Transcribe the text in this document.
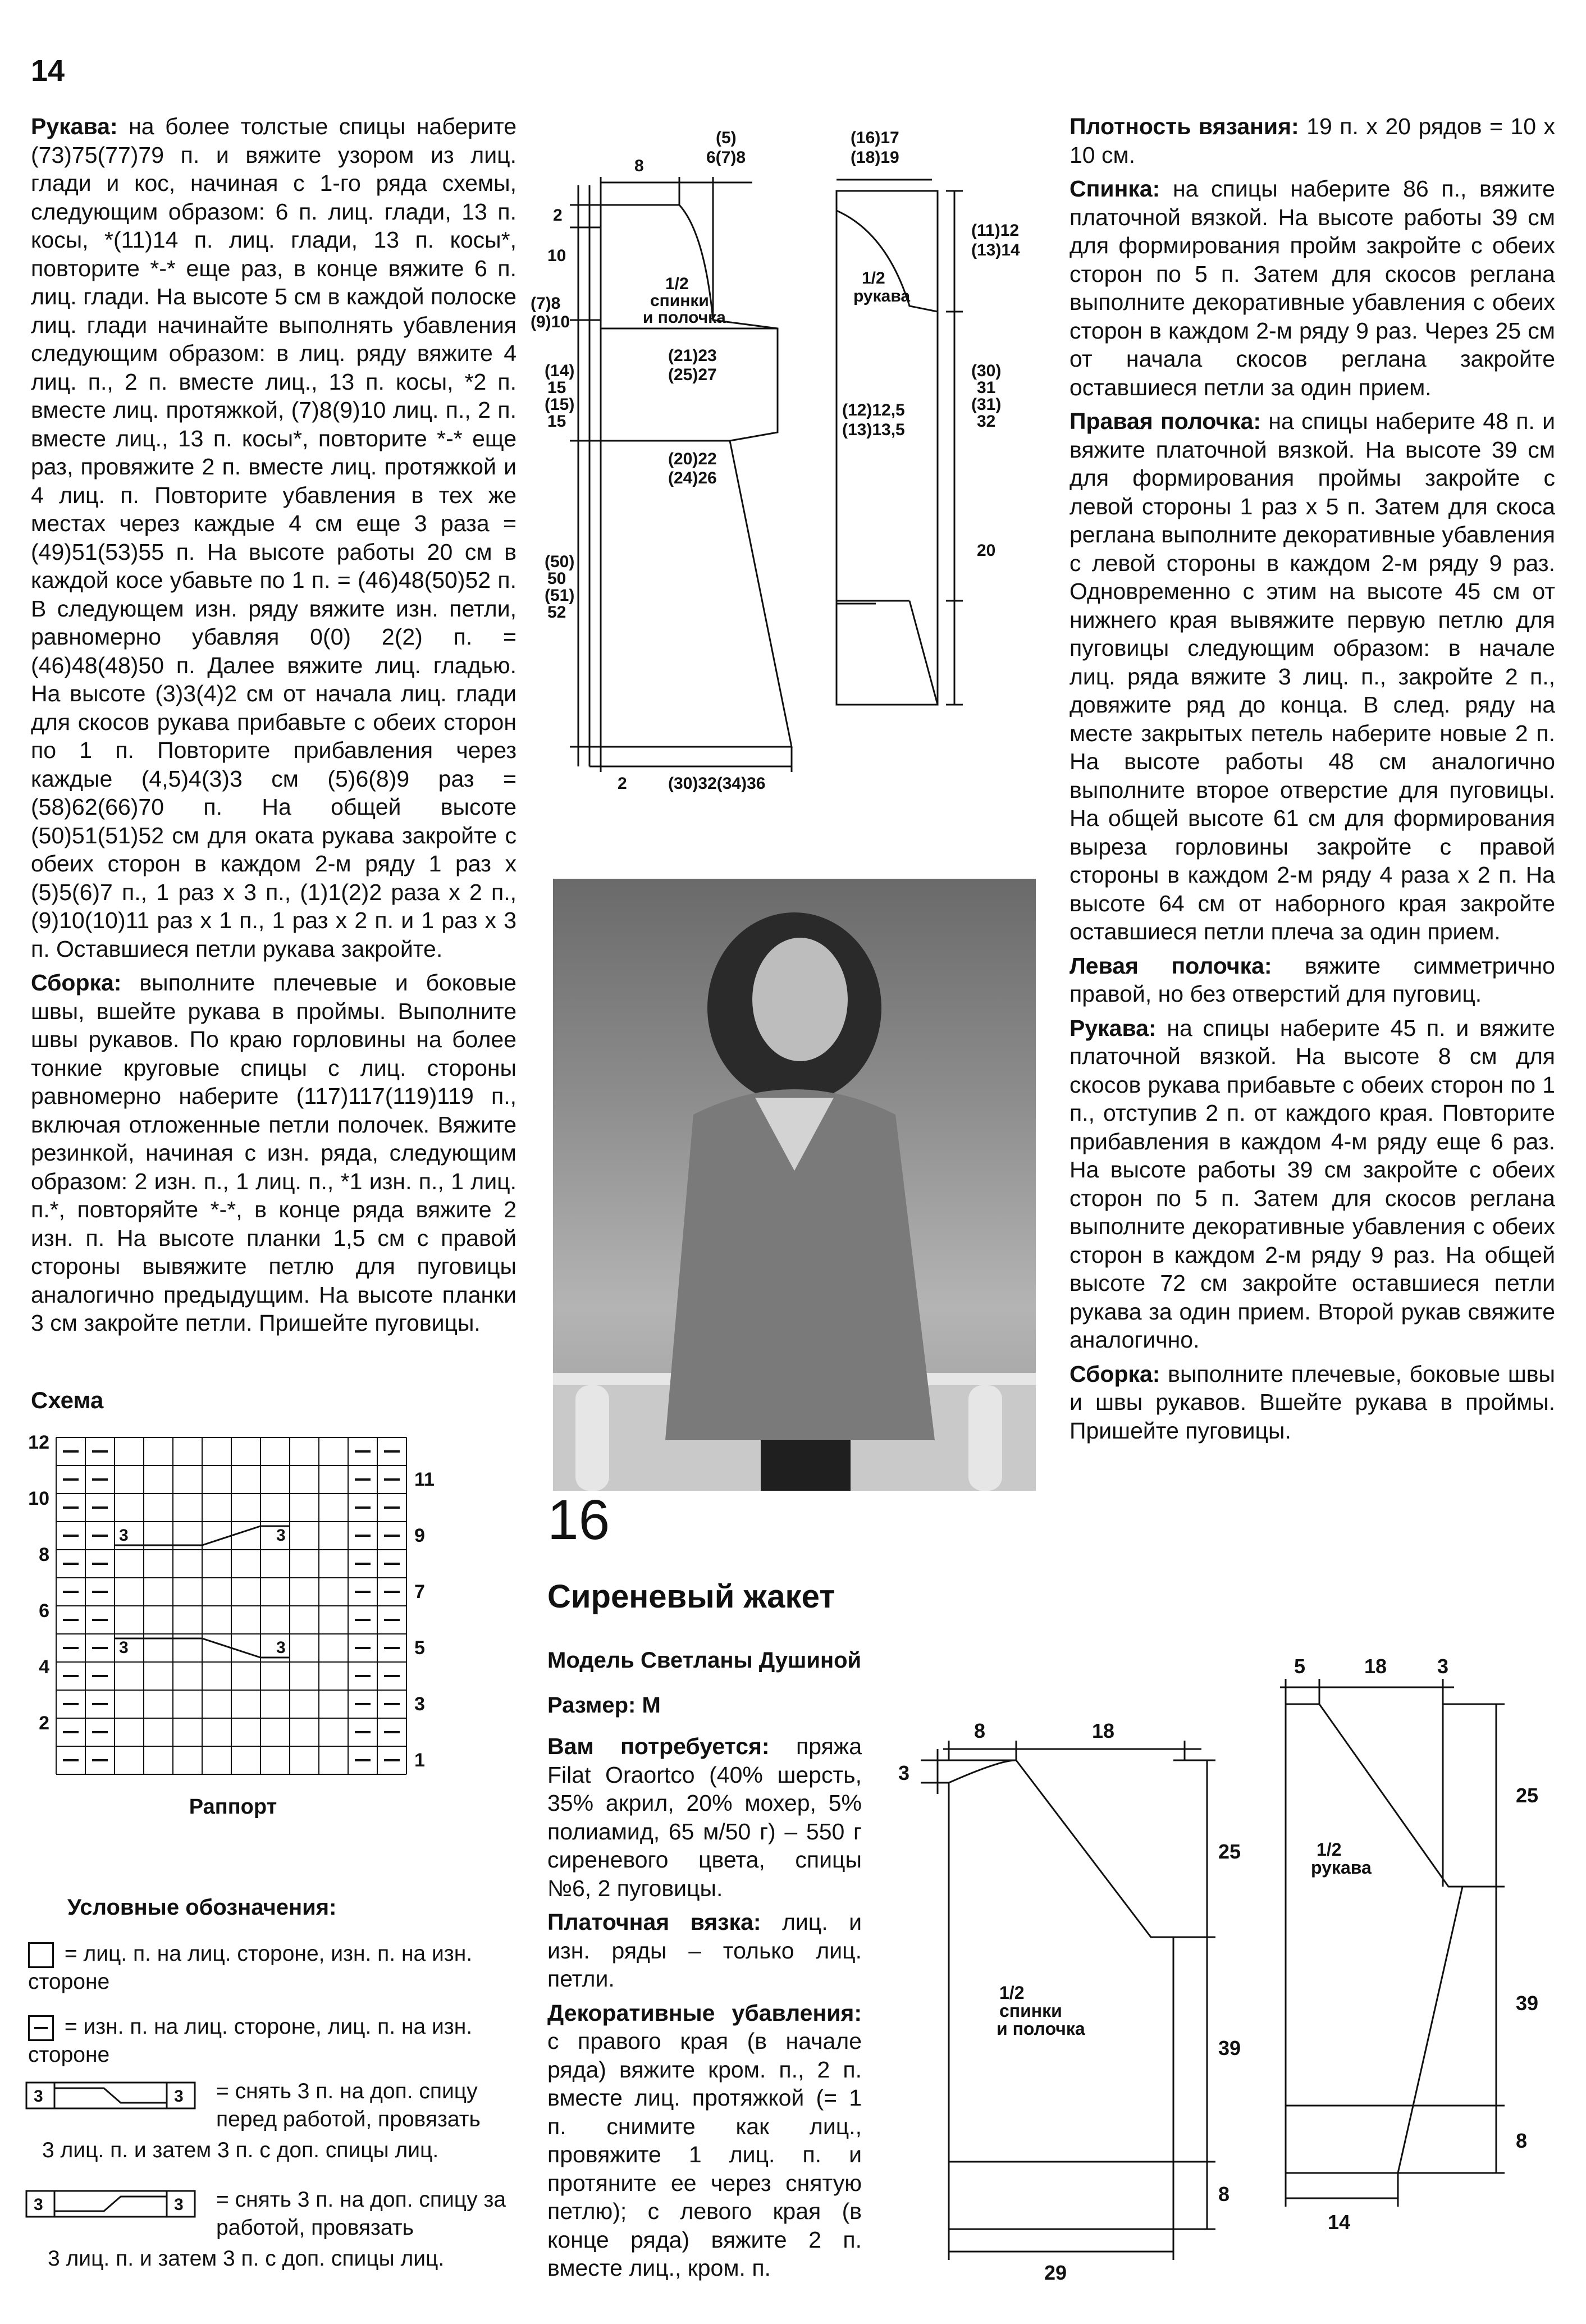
14

Рукава: на более толстые спицы наберите (73)75(77)79 п. и вяжите узором из лиц. глади и кос, начиная с 1-го ряда схемы, следующим образом: 6 п. лиц. глади, 13 п. косы, *(11)14 п. лиц. глади, 13 п. косы*, повторите *-* еще раз, в конце вяжите 6 п. лиц. глади. На высоте 5 см в каждой полоске лиц. глади начинайте выполнять убавления следующим образом: в лиц. ряду вяжите 4 лиц. п., 2 п. вместе лиц., 13 п. косы, *2 п. вместе лиц. протяжкой, (7)8(9)10 лиц. п., 2 п. вместе лиц., 13 п. косы*, повторите *-* еще раз, провяжите 2 п. вместе лиц. протяжкой и 4 лиц. п. Повторите убавления в тех же местах через каждые 4 см еще 3 раза = (49)51(53)55 п. На высоте работы 20 см в каждой косе убавьте по 1 п. = (46)48(50)52 п. В следующем изн. ряду вяжите изн. петли, равномерно убавляя 0(0) 2(2) п. = (46)48(48)50 п. Далее вяжите лиц. гладью. На высоте (3)3(4)2 см от начала лиц. глади для скосов рукава прибавьте с обеих сторон по 1 п. Повторите прибавления через каждые (4,5)4(3)3 см (5)6(8)9 раз = (58)62(66)70 п. На общей высоте (50)51(51)52 см для оката рукава закройте с обеих сторон в каждом 2-м ряду 1 раз х (5)5(6)7 п., 1 раз х 3 п., (1)1(2)2 раза х 2 п., (9)10(10)11 раз х 1 п., 1 раз х 2 п. и 1 раз х 3 п. Оставшиеся петли рукава закройте.

Сборка: выполните плечевые и боковые швы, вшейте рукава в проймы. Выполните швы рукавов. По краю горловины на более тонкие круговые спицы с лиц. стороны равномерно наберите (117)117(119)119 п., включая отложенные петли полочек. Вяжите резинкой, начиная с изн. ряда, следующим образом: 2 изн. п., 1 лиц. п., *1 изн. п., 1 лиц. п.*, повторяйте *-*, в конце ряда вяжите 2 изн. п. На высоте планки 1,5 см с правой стороны вывяжите петлю для пуговицы аналогично предыдущим. На высоте планки 3 см закройте петли. Пришейте пуговицы.

Схема
3	3
3	3
12
10
8
6
4
2
11
9
7
5
3
1
Раппорт
Условные обозначения:
= лиц. п. на лиц. стороне, изн. п. на изн. стороне
= изн. п. на лиц. стороне, лиц. п. на изн. стороне
3	3 = снять 3 п. на доп. спицу перед работой, провязать
3 лиц. п. и затем 3 п. с доп. спицы лиц.
3	3 = снять 3 п. на доп. спицу за работой, провязать
3 лиц. п. и затем 3 п. с доп. спицы лиц.
8
(5)
6(7)8
2
10
(7)8
(9)10
(14)
15
(15)
15
(50)
50
(51)
52
1/2
спинки
и полочка
(21)23
(25)27
(20)22
(24)26
2 (30)32(34)36
(16)17
(18)19
1/2
рукава
(11)12
(13)14
(30)
31
(31)
32
20
(12)12,5
(13)13,5
16
Сиреневый жакет
Модель Светланы Душиной
Размер: M

Вам потребуется: пряжа Filat Oraortco (40% шерсть, 35% акрил, 20% мохер, 5% полиамид, 65 м/50 г) – 550 г сиреневого цвета, спицы №6, 2 пуговицы.

Платочная вязка: лиц. и изн. ряды – только лиц. петли.

Декоративные убавления: с правого края (в начале ряда) вяжите кром. п., 2 п. вместе лиц. протяжкой (= 1 п. снимите как лиц., провяжите 1 лиц. п. и протяните ее через снятую петлю); с левого края (в конце ряда) вяжите 2 п. вместе лиц., кром. п.

Плотность вязания: 19 п. х 20 рядов = 10 х 10 см.

Спинка: на спицы наберите 86 п., вяжите платочной вязкой. На высоте работы 39 см для формирования пройм закройте с обеих сторон по 5 п. Затем для скосов реглана выполните декоративные убавления с обеих сторон в каждом 2-м ряду 9 раз. Через 25 см от начала скосов реглана закройте оставшиеся петли за один прием.

Правая полочка: на спицы наберите 48 п. и вяжите платочной вязкой. На высоте 39 см для формирования проймы закройте с левой стороны 1 раз х 5 п. Затем для скоса реглана выполните декоративные убавления с левой стороны в каждом 2-м ряду 9 раз. Одновременно с этим на высоте 45 см от нижнего края вывяжите первую петлю для пуговицы следующим образом: в начале лиц. ряда вяжите 3 лиц. п., закройте 2 п., довяжите ряд до конца. В след. ряду на месте закрытых петель наберите новые 2 п. На высоте работы 48 см аналогично выполните второе отверстие для пуговицы. На общей высоте 61 см для формирования выреза горловины закройте с правой стороны в каждом 2-м ряду 4 раза х 2 п. На высоте 64 см от наборного края закройте оставшиеся петли плеча за один прием.

Левая полочка: вяжите симметрично правой, но без отверстий для пуговиц.

Рукава: на спицы наберите 45 п. и вяжите платочной вязкой. На высоте 8 см для скосов рукава прибавьте с обеих сторон по 1 п., отступив 2 п. от каждого края. Повторите прибавления в каждом 4-м ряду еще 6 раз. На высоте работы 39 см закройте с обеих сторон по 5 п. Затем для скосов реглана выполните декоративные убавления с обеих сторон в каждом 2-м ряду 9 раз. На общей высоте 72 см закройте оставшиеся петли рукава за один прием. Второй рукав свяжите аналогично.

Сборка: выполните плечевые, боковые швы и швы рукавов. Вшейте рукава в проймы. Пришейте пуговицы.

8	18
3
25
39
8
29
1/2
спинки
и полочка
5	18 3
25
39
8
14
1/2
рукава
